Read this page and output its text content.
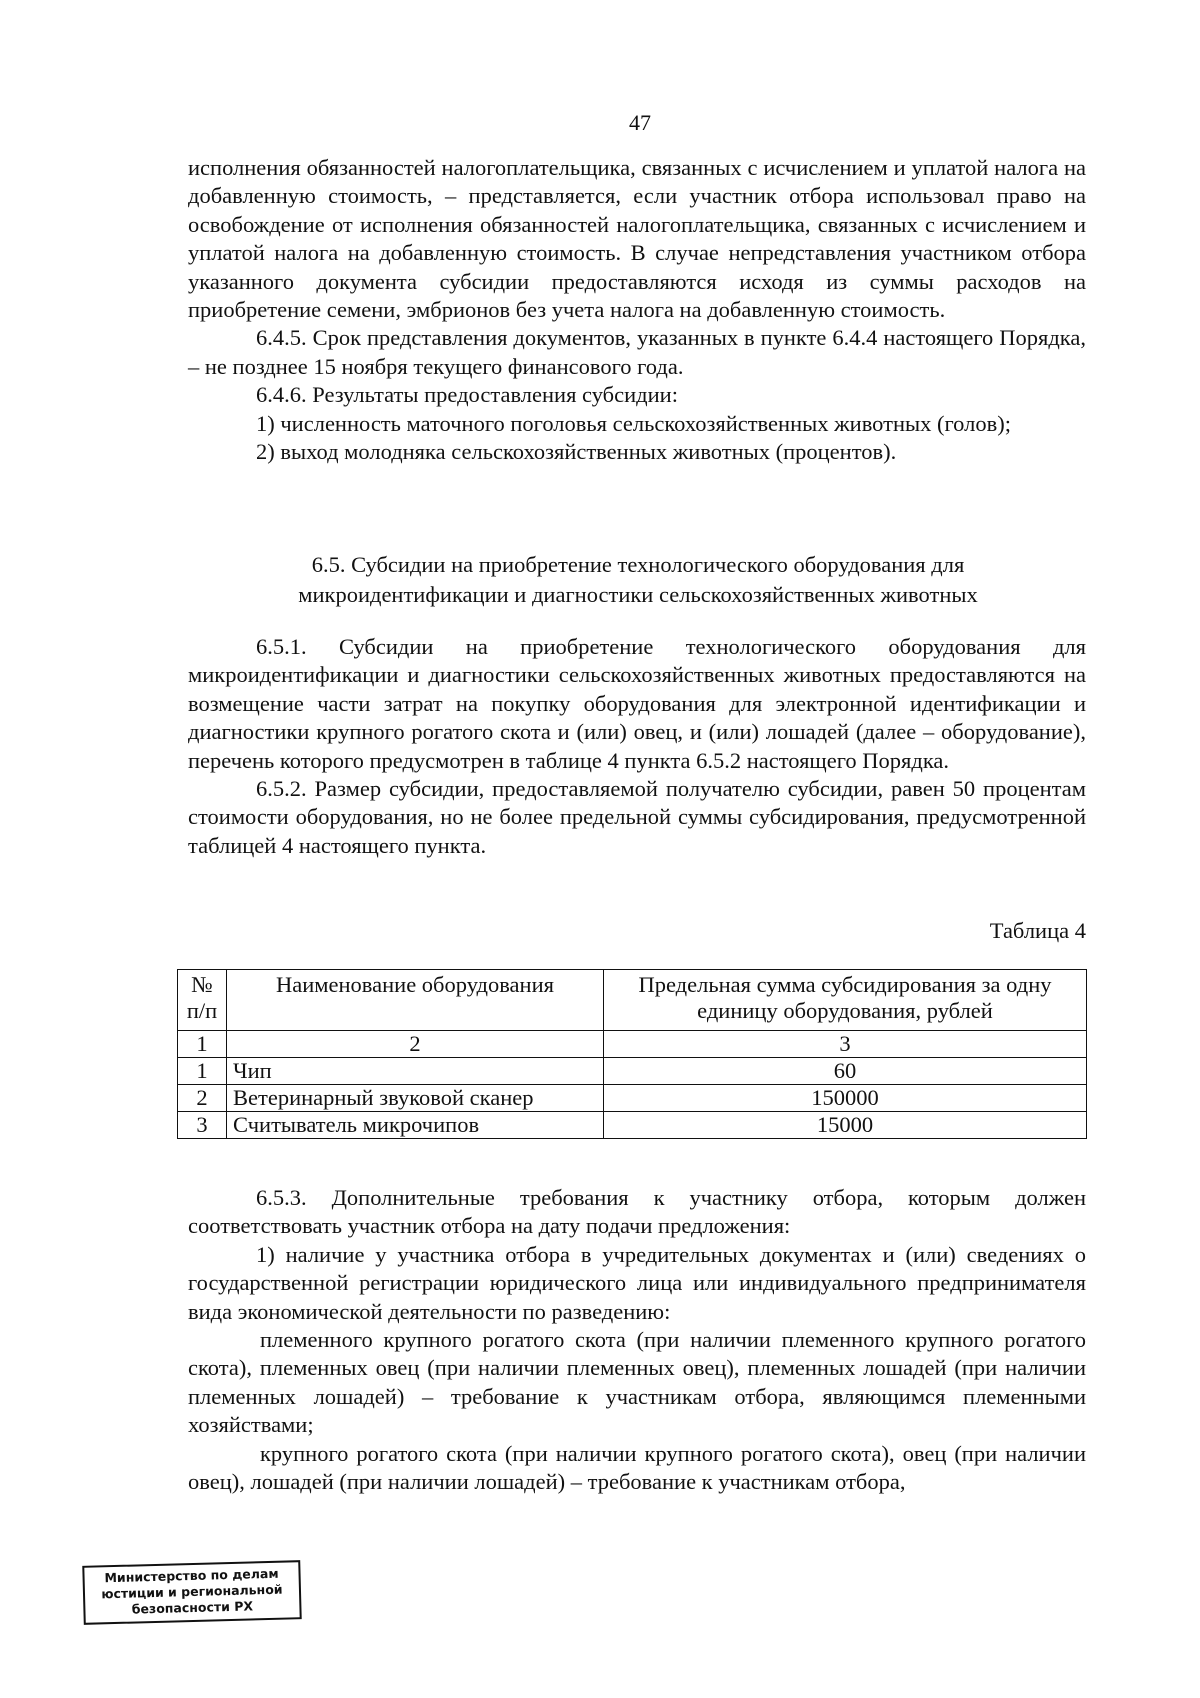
47

исполнения обязанностей налогоплательщика, связанных с исчислением и уплатой налога на добавленную стоимость, – представляется, если участник отбора использовал право на освобождение от исполнения обязанностей налогоплательщика, связанных с исчислением и уплатой налога на добавленную стоимость. В случае непредставления участником отбора указанного документа субсидии предоставляются исходя из суммы расходов на приобретение семени, эмбрионов без учета налога на добавленную стоимость.

6.4.5. Срок представления документов, указанных в пункте 6.4.4 настоящего Порядка, – не позднее 15 ноября текущего финансового года.

6.4.6. Результаты предоставления субсидии:

1) численность маточного поголовья сельскохозяйственных животных (голов);

2) выход молодняка сельскохозяйственных животных (процентов).

6.5. Субсидии на приобретение технологического оборудования для

микроидентификации и диагностики сельскохозяйственных животных

6.5.1. Субсидии на приобретение технологического оборудования для микроидентификации и диагностики сельскохозяйственных животных предоставляются на возмещение части затрат на покупку оборудования для электронной идентификации и диагностики крупного рогатого скота и (или) овец, и (или) лошадей (далее – оборудование), перечень которого предусмотрен в таблице 4 пункта 6.5.2 настоящего Порядка.

6.5.2. Размер субсидии, предоставляемой получателю субсидии, равен 50 процентам стоимости оборудования, но не более предельной суммы субсидирования, предусмотренной таблицей 4 настоящего пункта.

Таблица 4
№ п/п	Наименование оборудования	Предельная сумма субсидирования за одну единицу оборудования, рублей
1	2	3
1	Чип	60
2	Ветеринарный звуковой сканер	150000
3	Считыватель микрочипов	15000

6.5.3. Дополнительные требования к участнику отбора, которым должен соответствовать участник отбора на дату подачи предложения:

1) наличие у участника отбора в учредительных документах и (или) сведениях о государственной регистрации юридического лица или индивидуального предпринимателя вида экономической деятельности по разведению:

племенного крупного рогатого скота (при наличии племенного крупного рогатого скота), племенных овец (при наличии племенных овец), племенных лошадей (при наличии племенных лошадей) – требование к участникам отбора, являющимся племенными хозяйствами;

крупного рогатого скота (при наличии крупного рогатого скота), овец (при наличии овец), лошадей (при наличии лошадей) – требование к участникам отбора,

Министерство по делам
юстиции и региональной
безопасности РХ
